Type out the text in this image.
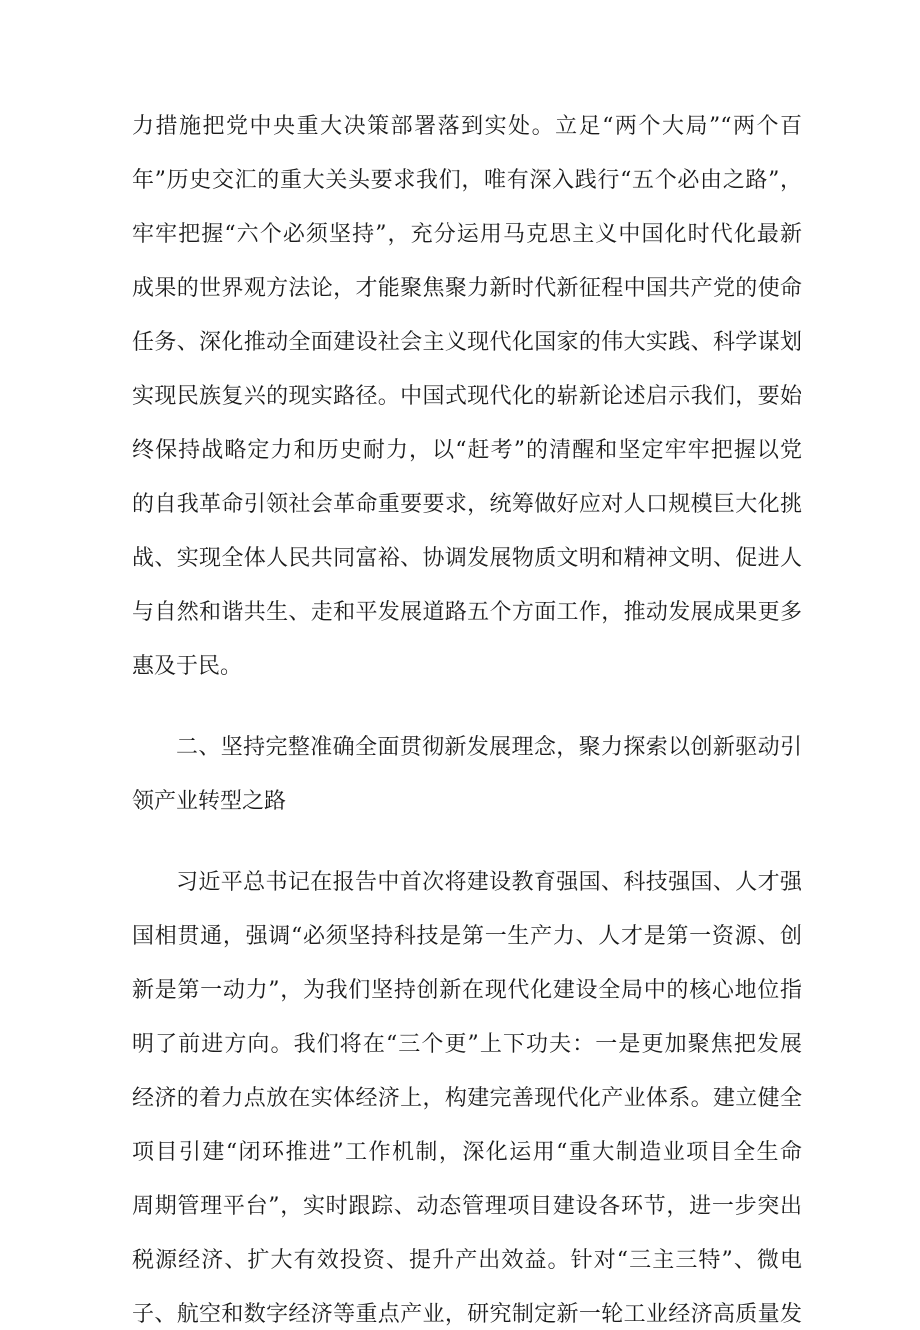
力措施把党中央重大决策部署落到实处。立足“两个大局”“两个百
年”历史交汇的重大关头要求我们，唯有深入践行“五个必由之路”，
牢牢把握“六个必须坚持”，充分运用马克思主义中国化时代化最新
成果的世界观方法论，才能聚焦聚力新时代新征程中国共产党的使命
任务、深化推动全面建设社会主义现代化国家的伟大实践、科学谋划
实现民族复兴的现实路径。中国式现代化的崭新论述启示我们，要始
终保持战略定力和历史耐力，以“赶考”的清醒和坚定牢牢把握以党
的自我革命引领社会革命重要要求，统筹做好应对人口规模巨大化挑
战、实现全体人民共同富裕、协调发展物质文明和精神文明、促进人
与自然和谐共生、走和平发展道路五个方面工作，推动发展成果更多
惠及于民。
二、坚持完整准确全面贯彻新发展理念，聚力探索以创新驱动引
领产业转型之路
习近平总书记在报告中首次将建设教育强国、科技强国、人才强
国相贯通，强调“必须坚持科技是第一生产力、人才是第一资源、创
新是第一动力”，为我们坚持创新在现代化建设全局中的核心地位指
明了前进方向。我们将在“三个更”上下功夫：一是更加聚焦把发展
经济的着力点放在实体经济上，构建完善现代化产业体系。建立健全
项目引建“闭环推进”工作机制，深化运用“重大制造业项目全生命
周期管理平台”，实时跟踪、动态管理项目建设各环节，进一步突出
税源经济、扩大有效投资、提升产出效益。针对“三主三特”、微电
子、航空和数字经济等重点产业，研究制定新一轮工业经济高质量发
